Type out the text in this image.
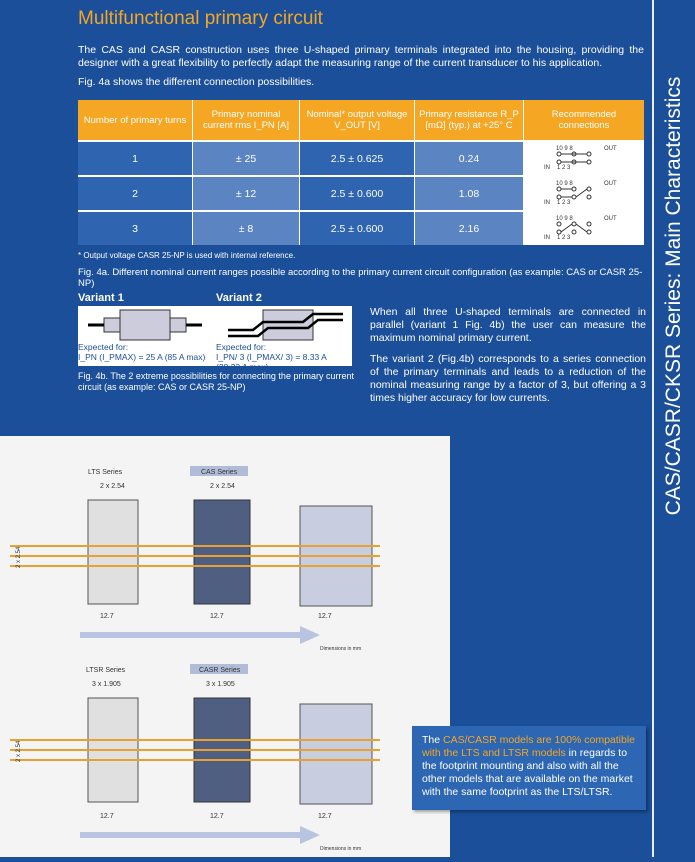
CAS/CASR/CKSR Series: Main Characteristics
Multifunctional primary circuit
The CAS and CASR construction uses three U-shaped primary terminals integrated into the housing, providing the designer with a great flexibility to perfectly adapt the measuring range of the current transducer to his application.
Fig. 4a shows the different connection possibilities.
Number of primary turns	Primary nominal current rms I_PN [A]	Nominal* output voltage V_OUT [V]	Primary resistance R_P [mΩ] (typ.) at +25° C	Recommended connections
1	± 25	2.5 ± 0.625	0.24	10 9 8 OUT
IN 1 2 3

2	± 12	2.5 ± 0.600	1.08	10 9 8 OUT
IN 1 2 3

3	± 8	2.5 ± 0.600	2.16	10 9 8 OUT
IN 1 2 3
* Output voltage CASR 25-NP is used with internal reference.
Fig. 4a. Different nominal current ranges possible according to the primary current circuit configuration (as example: CAS or CASR 25-NP)
Variant 1	Variant 2
Expected for:
I_PN (I_PMAX) = 25 A (85 A max)
Expected for:
I_PN/ 3 (I_PMAX/ 3) = 8.33 A (28.33 A max)
Fig. 4b. The 2 extreme possibilities for connecting the primary current circuit (as example: CAS or CASR 25-NP)

When all three U-shaped terminals are connected in parallel (variant 1 Fig. 4b) the user can measure the maximum nominal primary current.

The variant 2 (Fig.4b) corresponds to a series connection of the primary terminals and leads to a reduction of the nominal measuring range by a factor of 3, but offering a 3 times higher accuracy for low currents.

LTS Series	CAS Series
2 x 2.54	2 x 2.54
2 x 2.54
12.7	12.7	12.7
Dimensions in mm
LTSR Series	CASR Series
3 x 1.905	3 x 1.905
2 x 2.54
12.7	12.7	12.7
Dimensions in mm
The CAS/CASR models are 100% compatible with the LTS and LTSR models in regards to the footprint mounting and also with all the other models that are available on the market with the same footprint as the LTS/LTSR.
